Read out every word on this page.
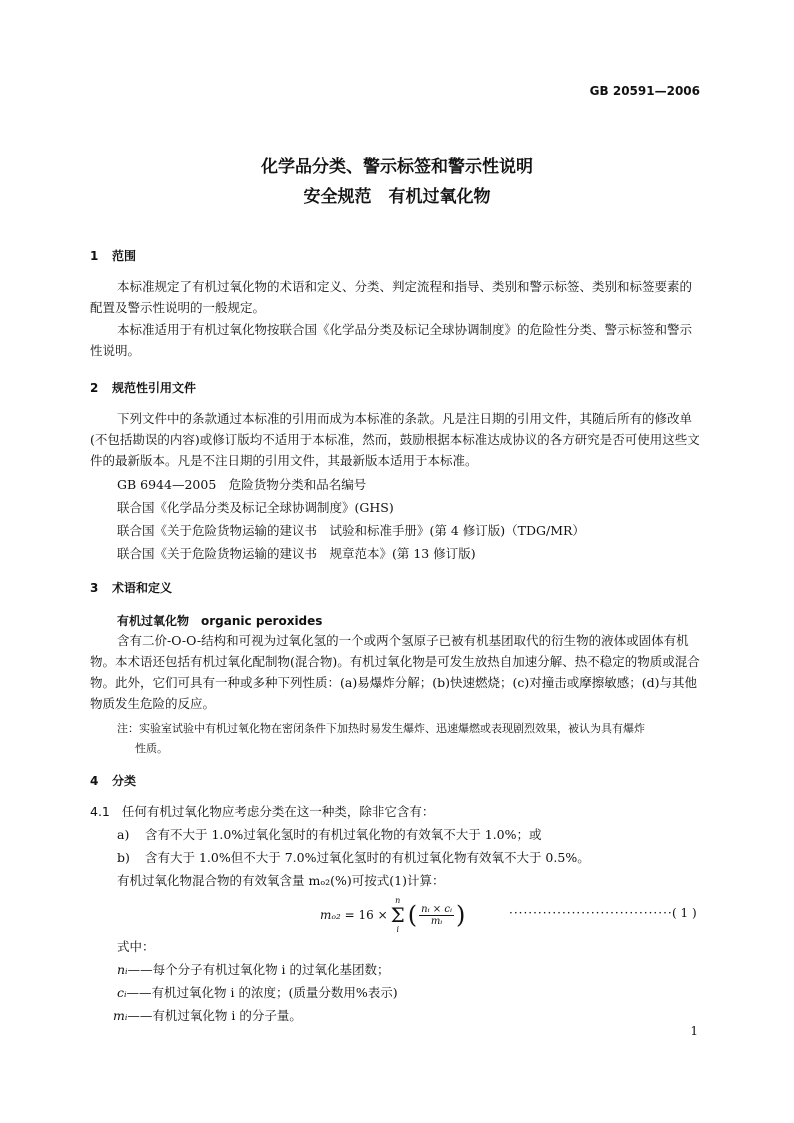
GB 20591—2006
化学品分类、警示标签和警示性说明
安全规范　有机过氧化物
1 范围
本标准规定了有机过氧化物的术语和定义、分类、判定流程和指导、类别和警示标签、类别和标签要素的配置及警示性说明的一般规定。
本标准适用于有机过氧化物按联合国《化学品分类及标记全球协调制度》的危险性分类、警示标签和警示性说明。
2 规范性引用文件
下列文件中的条款通过本标准的引用而成为本标准的条款。凡是注日期的引用文件，其随后所有的修改单(不包括勘误的内容)或修订版均不适用于本标准，然而，鼓励根据本标准达成协议的各方研究是否可使用这些文件的最新版本。凡是不注日期的引用文件，其最新版本适用于本标准。
GB 6944—2005　危险货物分类和品名编号
联合国《化学品分类及标记全球协调制度》(GHS)
联合国《关于危险货物运输的建议书　试验和标准手册》(第 4 修订版)（TDG/MR）
联合国《关于危险货物运输的建议书　规章范本》(第 13 修订版)
3 术语和定义
有机过氧化物 organic peroxides
含有二价-O-O-结构和可视为过氧化氢的一个或两个氢原子已被有机基团取代的衍生物的液体或固体有机物。本术语还包括有机过氧化配制物(混合物)。有机过氧化物是可发生放热自加速分解、热不稳定的物质或混合物。此外，它们可具有一种或多种下列性质：(a)易爆炸分解；(b)快速燃烧；(c)对撞击或摩擦敏感；(d)与其他物质发生危险的反应。
注：实验室试验中有机过氧化物在密闭条件下加热时易发生爆炸、迅速爆燃或表现剧烈效果，被认为具有爆炸
性质。
4 分类
4.1 任何有机过氧化物应考虑分类在这一种类，除非它含有：
a) 含有不大于 1.0%过氧化氢时的有机过氧化物的有效氧不大于 1.0%；或
b) 含有大于 1.0%但不大于 7.0%过氧化氢时的有机过氧化物有效氧不大于 0.5%。
有机过氧化物混合物的有效氧含量 mₒ₂(%)可按式(1)计算：
mₒ₂
= 16 ×
n
Σ
i
( $\frac{\text{nᵢ × cᵢ}}{\text{mᵢ}}$ )	·································· ( 1 )
式中：
nᵢ——每个分子有机过氧化物 i 的过氧化基团数；
cᵢ——有机过氧化物 i 的浓度；(质量分数用%表示)
mᵢ——有机过氧化物 i 的分子量。
1
